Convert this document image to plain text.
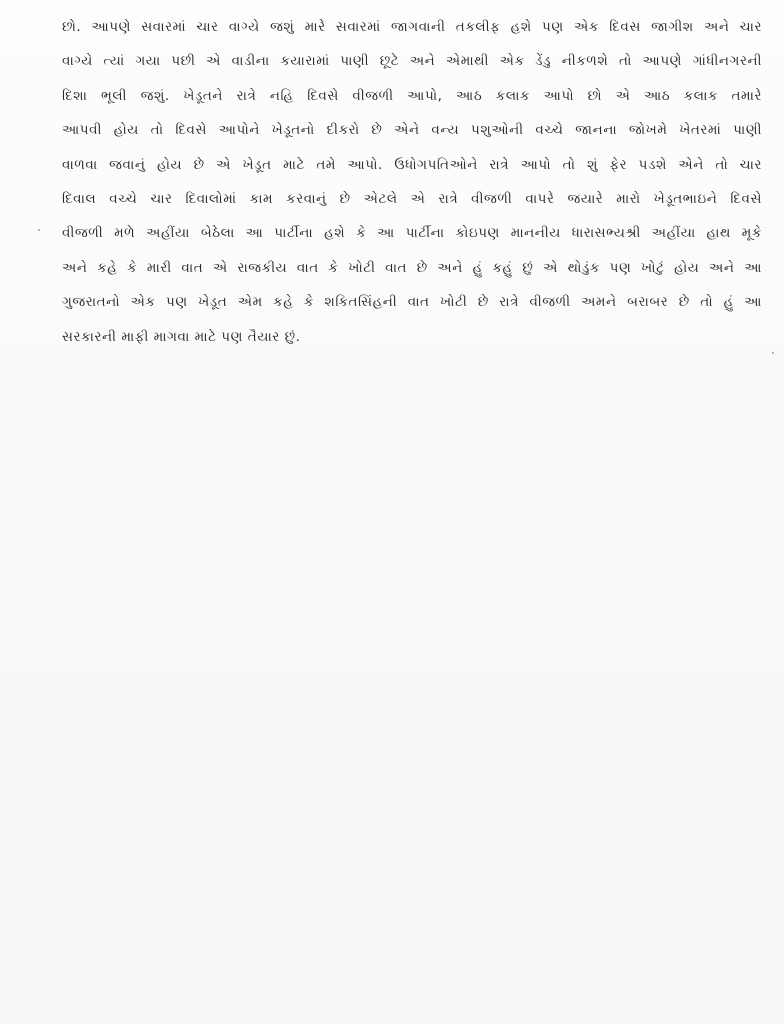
છો. આપણે સવારમાં ચાર વાગ્યે જશું મારે સવારમાં જાગવાની તકલીફ હશે પણ એક દિવસ જાગીશ અને ચાર
વાગ્યે ત્યાં ગયા પછી એ વાડીના કયારામાં પાણી છૂટે અને એમાથી એક ડેંડુ નીકળશે તો આપણે ગાંધીનગરની
દિશા ભૂલી જશું. ખેડૂતને રાત્રે નહિ દિવસે વીજળી આપો, આઠ કલાક આપો છો એ આઠ કલાક તમારે
આપવી હોય તો દિવસે આપોને ખેડૂતનો દીકરો છે એને વન્ય પશુઓની વચ્ચે જાનના જોખમે ખેતરમાં પાણી
વાળવા જવાનું હોય છે એ ખેડૂત માટે તમે આપો. ઉધોગપતિઓને રાત્રે આપો તો શું ફેર પડશે એને તો ચાર
દિવાલ વચ્ચે ચાર દિવાલોમાં કામ કરવાનું છે એટલે એ રાત્રે વીજળી વાપરે જયારે મારો ખેડૂતભાઇને દિવસે
વીજળી મળે અહીંયા બેઠેલા આ પાર્ટીના હશે કે આ પાર્ટીના કોઇપણ માનનીય ધારાસભ્યશ્રી અહીંયા હાથ મૂકે
અને કહે કે મારી વાત એ રાજકીય વાત કે ખોટી વાત છે અને હું કહું છું એ થોડુંક પણ ખોટું હોય અને આ
ગુજરાતનો એક પણ ખેડૂત એમ કહે કે શકિતસિંહની વાત ખોટી છે રાત્રે વીજળી અમને બરાબર છે તો હું આ
સરકારની માફી માગવા માટે પણ તૈયાર છું.
